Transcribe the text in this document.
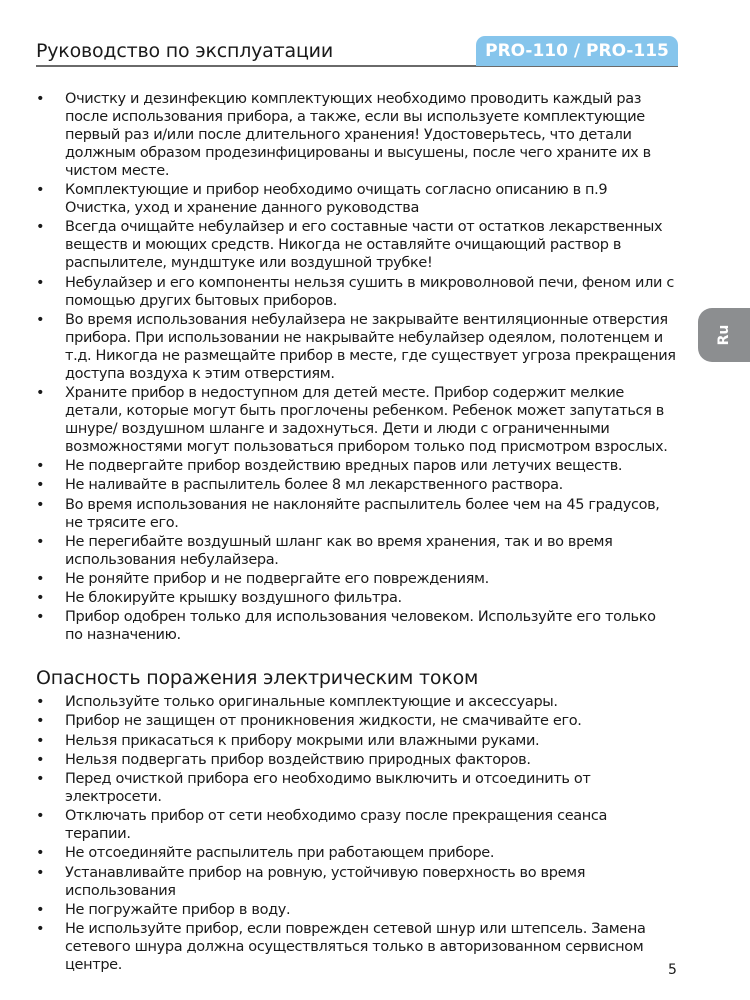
Руководство по эксплуатации	PRO-110 / PRO-115
Ru
• Очистку и дезинфекцию комплектующих необходимо проводить каждый раз после использования прибора, а также, если вы используете комплектующие первый раз и/или после длительного хранения! Удостоверьтесь, что детали должным образом продезинфицированы и высушены, после чего храните их в чистом месте.
• Комплектующие и прибор необходимо очищать согласно описанию в п.9 Очистка, уход и хранение данного руководства
• Всегда очищайте небулайзер и его составные части от остатков лекарственных веществ и моющих средств. Никогда не оставляйте очищающий раствор в распылителе, мундштуке или воздушной трубке!
• Небулайзер и его компоненты нельзя сушить в микроволновой печи, феном или с помощью других бытовых приборов.
• Во время использования небулайзера не закрывайте вентиляционные отверстия прибора. При использовании не накрывайте небулайзер одеялом, полотенцем и т.д. Никогда не размещайте прибор в месте, где существует угроза прекращения доступа воздуха к этим отверстиям.
• Храните прибор в недоступном для детей месте. Прибор содержит мелкие детали, которые могут быть проглочены ребенком. Ребенок может запутаться в шнуре/ воздушном шланге и задохнуться. Дети и люди с ограниченными возможностями могут пользоваться прибором только под присмотром взрослых.
• Не подвергайте прибор воздействию вредных паров или летучих веществ.
• Не наливайте в распылитель более 8 мл лекарственного раствора.
• Во время использования не наклоняйте распылитель более чем на 45 градусов, не трясите его.
• Не перегибайте воздушный шланг как во время хранения, так и во время использования небулайзера.
• Не роняйте прибор и не подвергайте его повреждениям.
• Не блокируйте крышку воздушного фильтра.
• Прибор одобрен только для использования человеком. Используйте его только по назначению.
Опасность поражения электрическим током
• Используйте только оригинальные комплектующие и аксессуары.
• Прибор не защищен от проникновения жидкости, не смачивайте его.
• Нельзя прикасаться к прибору мокрыми или влажными руками.
• Нельзя подвергать прибор воздействию природных факторов.
• Перед очисткой прибора его необходимо выключить и отсоединить от электросети.
• Отключать прибор от сети необходимо сразу после прекращения сеанса терапии.
• Не отсоединяйте распылитель при работающем приборе.
• Устанавливайте прибор на ровную, устойчивую поверхность во время использования
• Не погружайте прибор в воду.
• Не используйте прибор, если поврежден сетевой шнур или штепсель. Замена сетевого шнура должна осуществляться только в авторизованном сервисном центре.	5
